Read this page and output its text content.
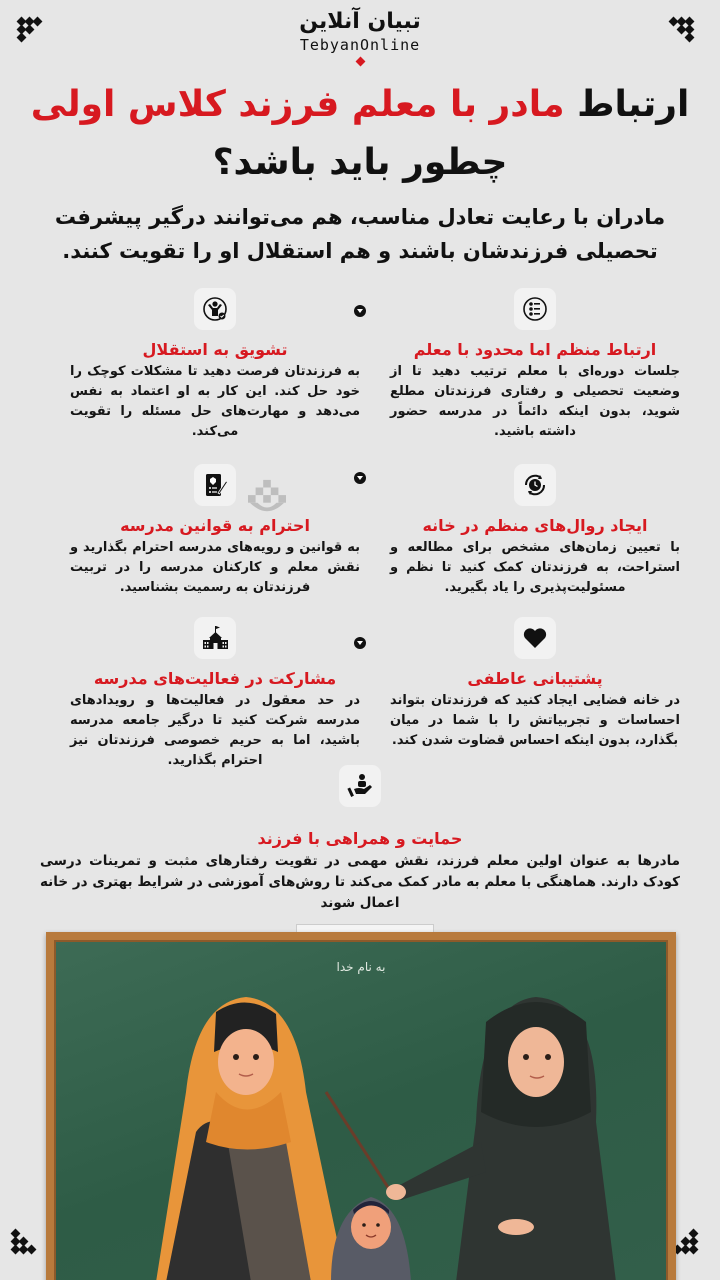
تبیان آنلاین
TebyanOnline
ارتباط مادر با معلم فرزند کلاس اولی
چطور باید باشد؟
مادران با رعایت تعادل مناسب، هم می‌توانند درگیر پیشرفت تحصیلی فرزندشان باشند و هم استقلال او را تقویت کنند.
ارتباط منظم اما محدود با معلم
جلسات دوره‌ای با معلم ترتیب دهید تا از وضعیت تحصیلی و رفتاری فرزندتان مطلع شوید، بدون اینکه دائماً در مدرسه حضور داشته باشید.
تشویق به استقلال
به فرزندتان فرصت دهید تا مشکلات کوچک را خود حل کند. این کار به او اعتماد به نفس می‌دهد و مهارت‌های حل مسئله را تقویت می‌کند.
ایجاد روال‌های منظم در خانه
با تعیین زمان‌های مشخص برای مطالعه و استراحت، به فرزندتان کمک کنید تا نظم و مسئولیت‌پذیری را یاد بگیرید.
احترام به قوانین مدرسه
به قوانین و رویه‌های مدرسه احترام بگذارید و نقش معلم و کارکنان مدرسه را در تربیت فرزندتان به رسمیت بشناسید.
پشتیبانی عاطفی
در خانه فضایی ایجاد کنید که فرزندتان بتواند احساسات و تجربیاتش را با شما در میان بگذارد، بدون اینکه احساس قضاوت شدن کند.
مشارکت در فعالیت‌های مدرسه
در حد معقول در فعالیت‌ها و رویدادهای مدرسه شرکت کنید تا درگیر جامعه مدرسه باشید، اما به حریم خصوصی فرزندتان نیز احترام بگذارید.
حمایت و همراهی با فرزند
مادرها به عنوان اولین معلم فرزند، نقش مهمی در تقویت رفتارهای مثبت و تمرینات درسی کودک دارند. هماهنگی با معلم به مادر کمک می‌کند تا روش‌های آموزشی در شرایط بهتری در خانه اعمال شوند
به نام خدا
